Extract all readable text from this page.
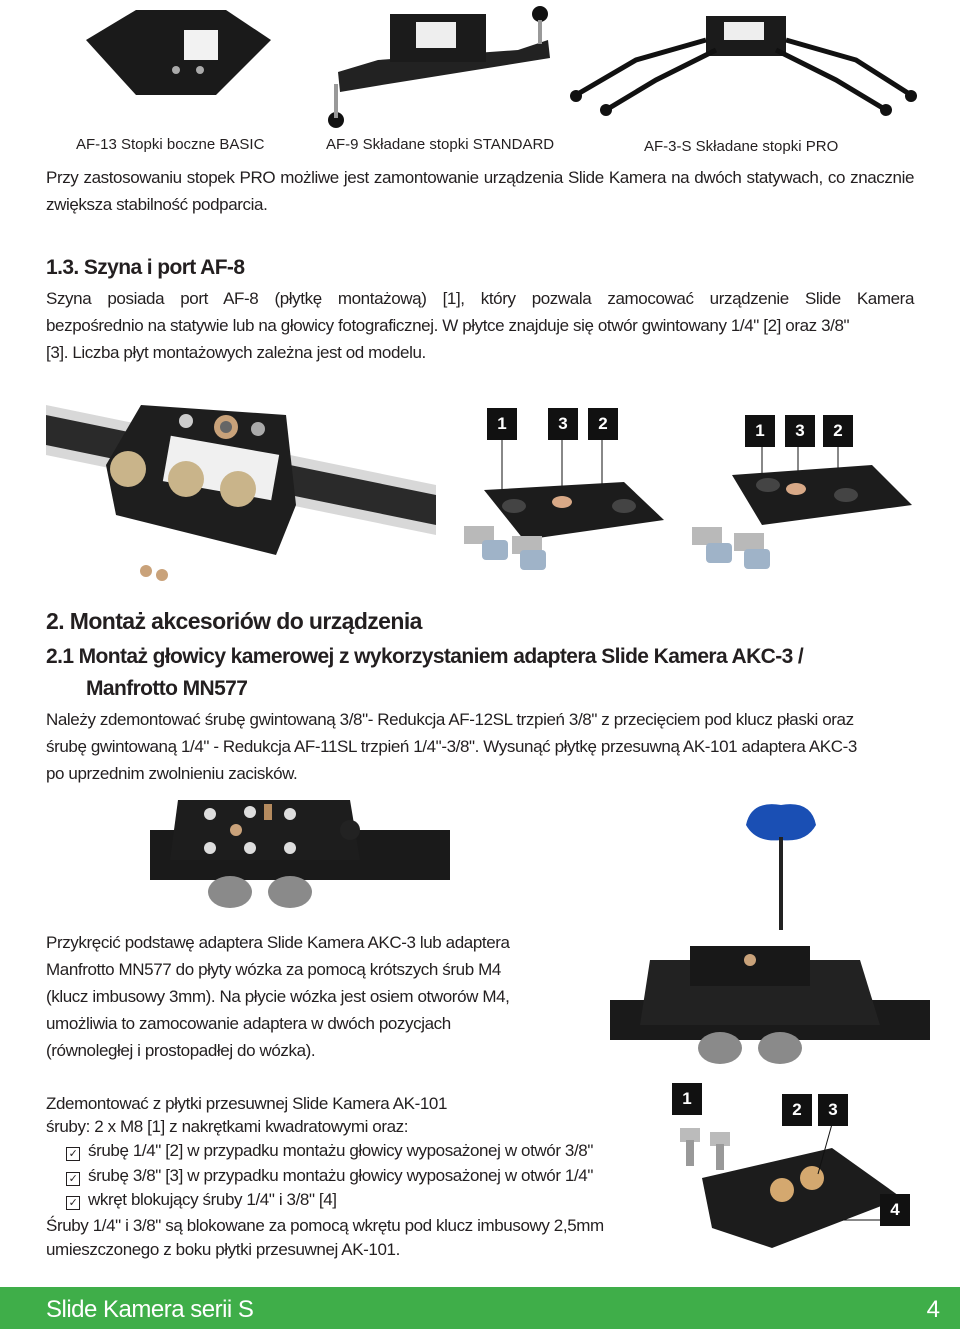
AF-13 Stopki boczne BASIC	AF-9 Składane stopki STANDARD	AF-3-S Składane stopki PRO
Przy zastosowaniu stopek PRO możliwe jest zamontowanie urządzenia Slide Kamera na dwóch statywach, co znacznie zwiększa stabilność podparcia.
1.3. Szyna i port AF-8
Szyna posiada port AF-8 (płytkę montażową) [1], który pozwala zamocować urządzenie Slide Kamera
bezpośrednio na statywie lub na głowicy fotograficznej. W płytce znajduje się otwór gwintowany 1/4" [2] oraz 3/8"
[3]. Liczba płyt montażowych zależna jest od modelu.
1	3	2	1	3	2
2. Montaż akcesoriów do urządzenia
2.1 Montaż głowicy kamerowej z wykorzystaniem adaptera Slide Kamera AKC-3 /
Manfrotto MN577
Należy zdemontować śrubę gwintowaną 3/8"- Redukcja AF-12SL trzpień 3/8" z przecięciem pod klucz płaski oraz
śrubę gwintowaną 1/4" - Redukcja AF-11SL trzpień 1/4"-3/8". Wysunąć płytkę przesuwną AK-101 adaptera AKC-3
po uprzednim zwolnieniu zacisków.
Przykręcić podstawę adaptera Slide Kamera AKC-3 lub adaptera
Manfrotto MN577 do płyty wózka za pomocą krótszych śrub M4
(klucz imbusowy 3mm). Na płycie wózka jest osiem otworów M4,
umożliwia to zamocowanie adaptera w dwóch pozycjach
(równoległej i prostopadłej do wózka).
Zdemontować z płytki przesuwnej Slide Kamera AK-101
śruby: 2 x M8 [1] z nakrętkami kwadratowymi oraz:
✓ śrubę 1/4" [2] w przypadku montażu głowicy wyposażonej w otwór 3/8"
✓ śrubę 3/8" [3] w przypadku montażu głowicy wyposażonej w otwór 1/4"
✓ wkręt blokujący śruby 1/4" i 3/8" [4]
Śruby 1/4" i 3/8" są blokowane za pomocą wkrętu pod klucz imbusowy 2,5mm
umieszczonego z boku płytki przesuwnej AK-101.
1
2	3
4
Slide Kamera serii S	4
